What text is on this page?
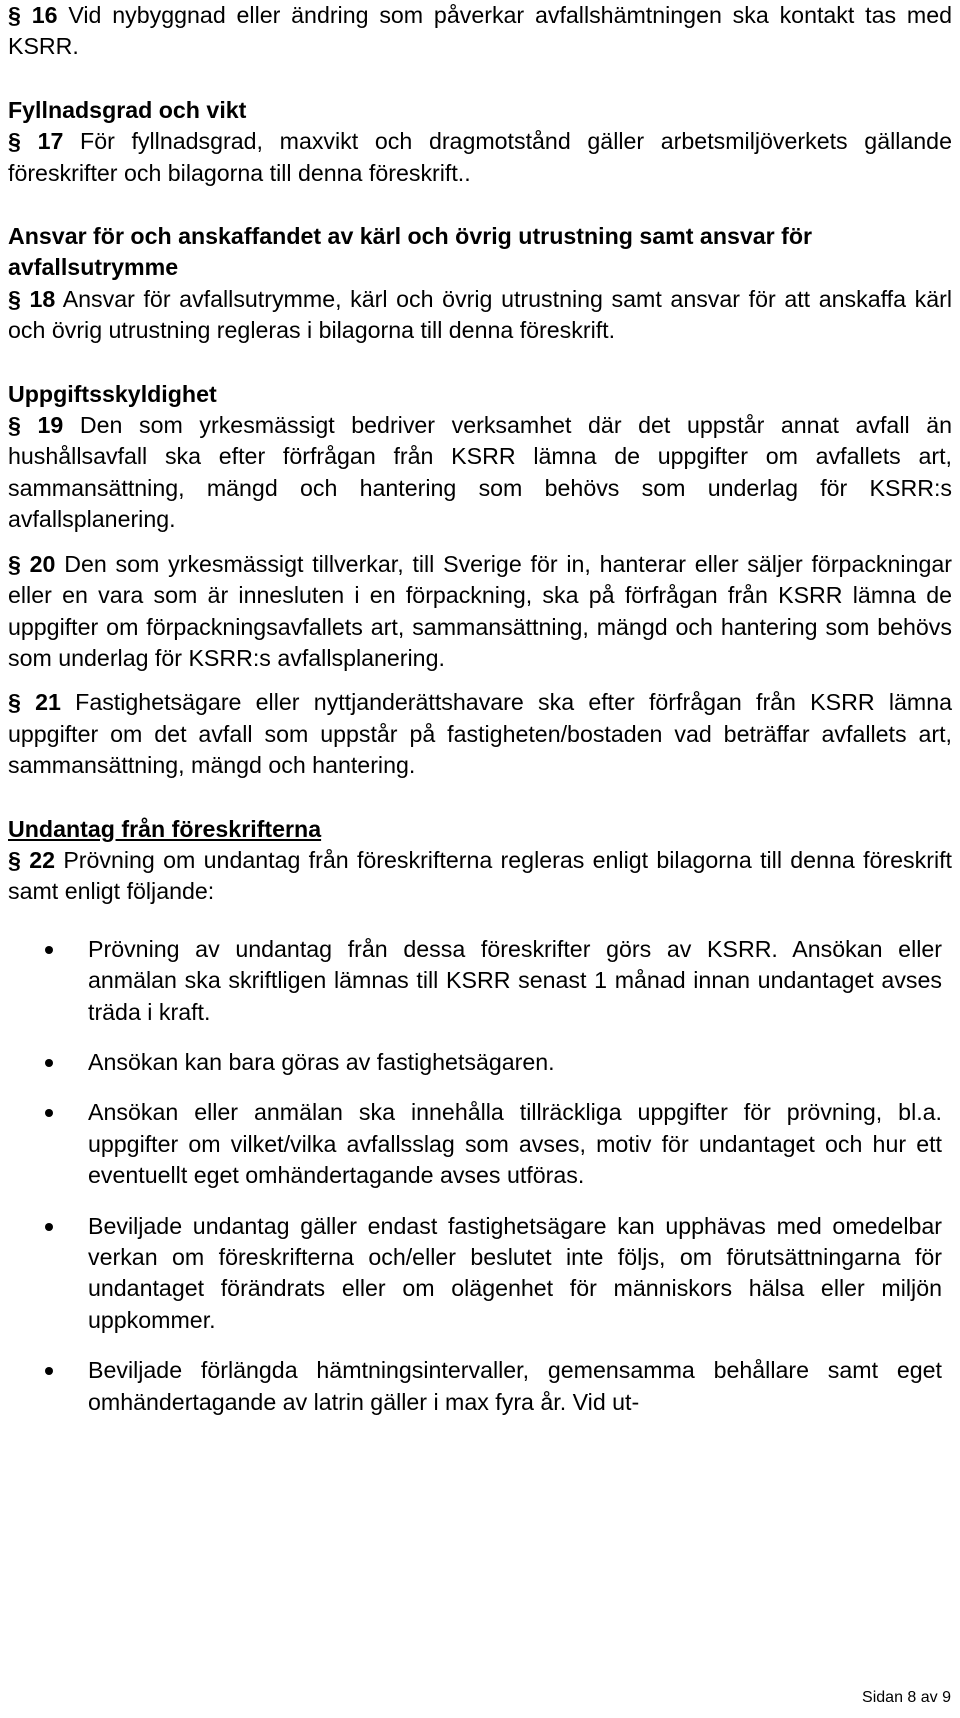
§ 16 Vid nybyggnad eller ändring som påverkar avfallshämtningen ska kontakt tas med KSRR.

Fyllnadsgrad och vikt

§ 17 För fyllnadsgrad, maxvikt och dragmotstånd gäller arbetsmiljöverkets gällande föreskrifter och bilagorna till denna föreskrift..

Ansvar för och anskaffandet av kärl och övrig utrustning samt ansvar för avfallsutrymme

§ 18 Ansvar för avfallsutrymme, kärl och övrig utrustning samt ansvar för att anskaffa kärl och övrig utrustning regleras i bilagorna till denna föreskrift.

Uppgiftsskyldighet

§ 19 Den som yrkesmässigt bedriver verksamhet där det uppstår annat avfall än hushållsavfall ska efter förfrågan från KSRR lämna de uppgifter om avfallets art, sammansättning, mängd och hantering som behövs som underlag för KSRR:s avfallsplanering.

§ 20 Den som yrkesmässigt tillverkar, till Sverige för in, hanterar eller säljer förpackningar eller en vara som är innesluten i en förpackning, ska på förfrågan från KSRR lämna de uppgifter om förpackningsavfallets art, sammansättning, mängd och hantering som behövs som underlag för KSRR:s avfallsplanering.

§ 21 Fastighetsägare eller nyttjanderättshavare ska efter förfrågan från KSRR lämna uppgifter om det avfall som uppstår på fastigheten/bostaden vad beträffar avfallets art, sammansättning, mängd och hantering.

Undantag från föreskrifterna

§ 22 Prövning om undantag från föreskrifterna regleras enligt bilagorna till denna föreskrift samt enligt följande:

Prövning av undantag från dessa föreskrifter görs av KSRR. Ansökan eller anmälan ska skriftligen lämnas till KSRR senast 1 månad innan undantaget avses träda i kraft.
Ansökan kan bara göras av fastighetsägaren.
Ansökan eller anmälan ska innehålla tillräckliga uppgifter för prövning, bl.a. uppgifter om vilket/vilka avfallsslag som avses, motiv för undantaget och hur ett eventuellt eget omhändertagande avses utföras.
Beviljade undantag gäller endast fastighetsägare kan upphävas med omedelbar verkan om föreskrifterna och/eller beslutet inte följs, om förutsättningarna för undantaget förändrats eller om olägenhet för människors hälsa eller miljön uppkommer.
Beviljade förlängda hämtningsintervaller, gemensamma behållare samt eget omhändertagande av latrin gäller i max fyra år. Vid ut-
Sidan 8 av 9
